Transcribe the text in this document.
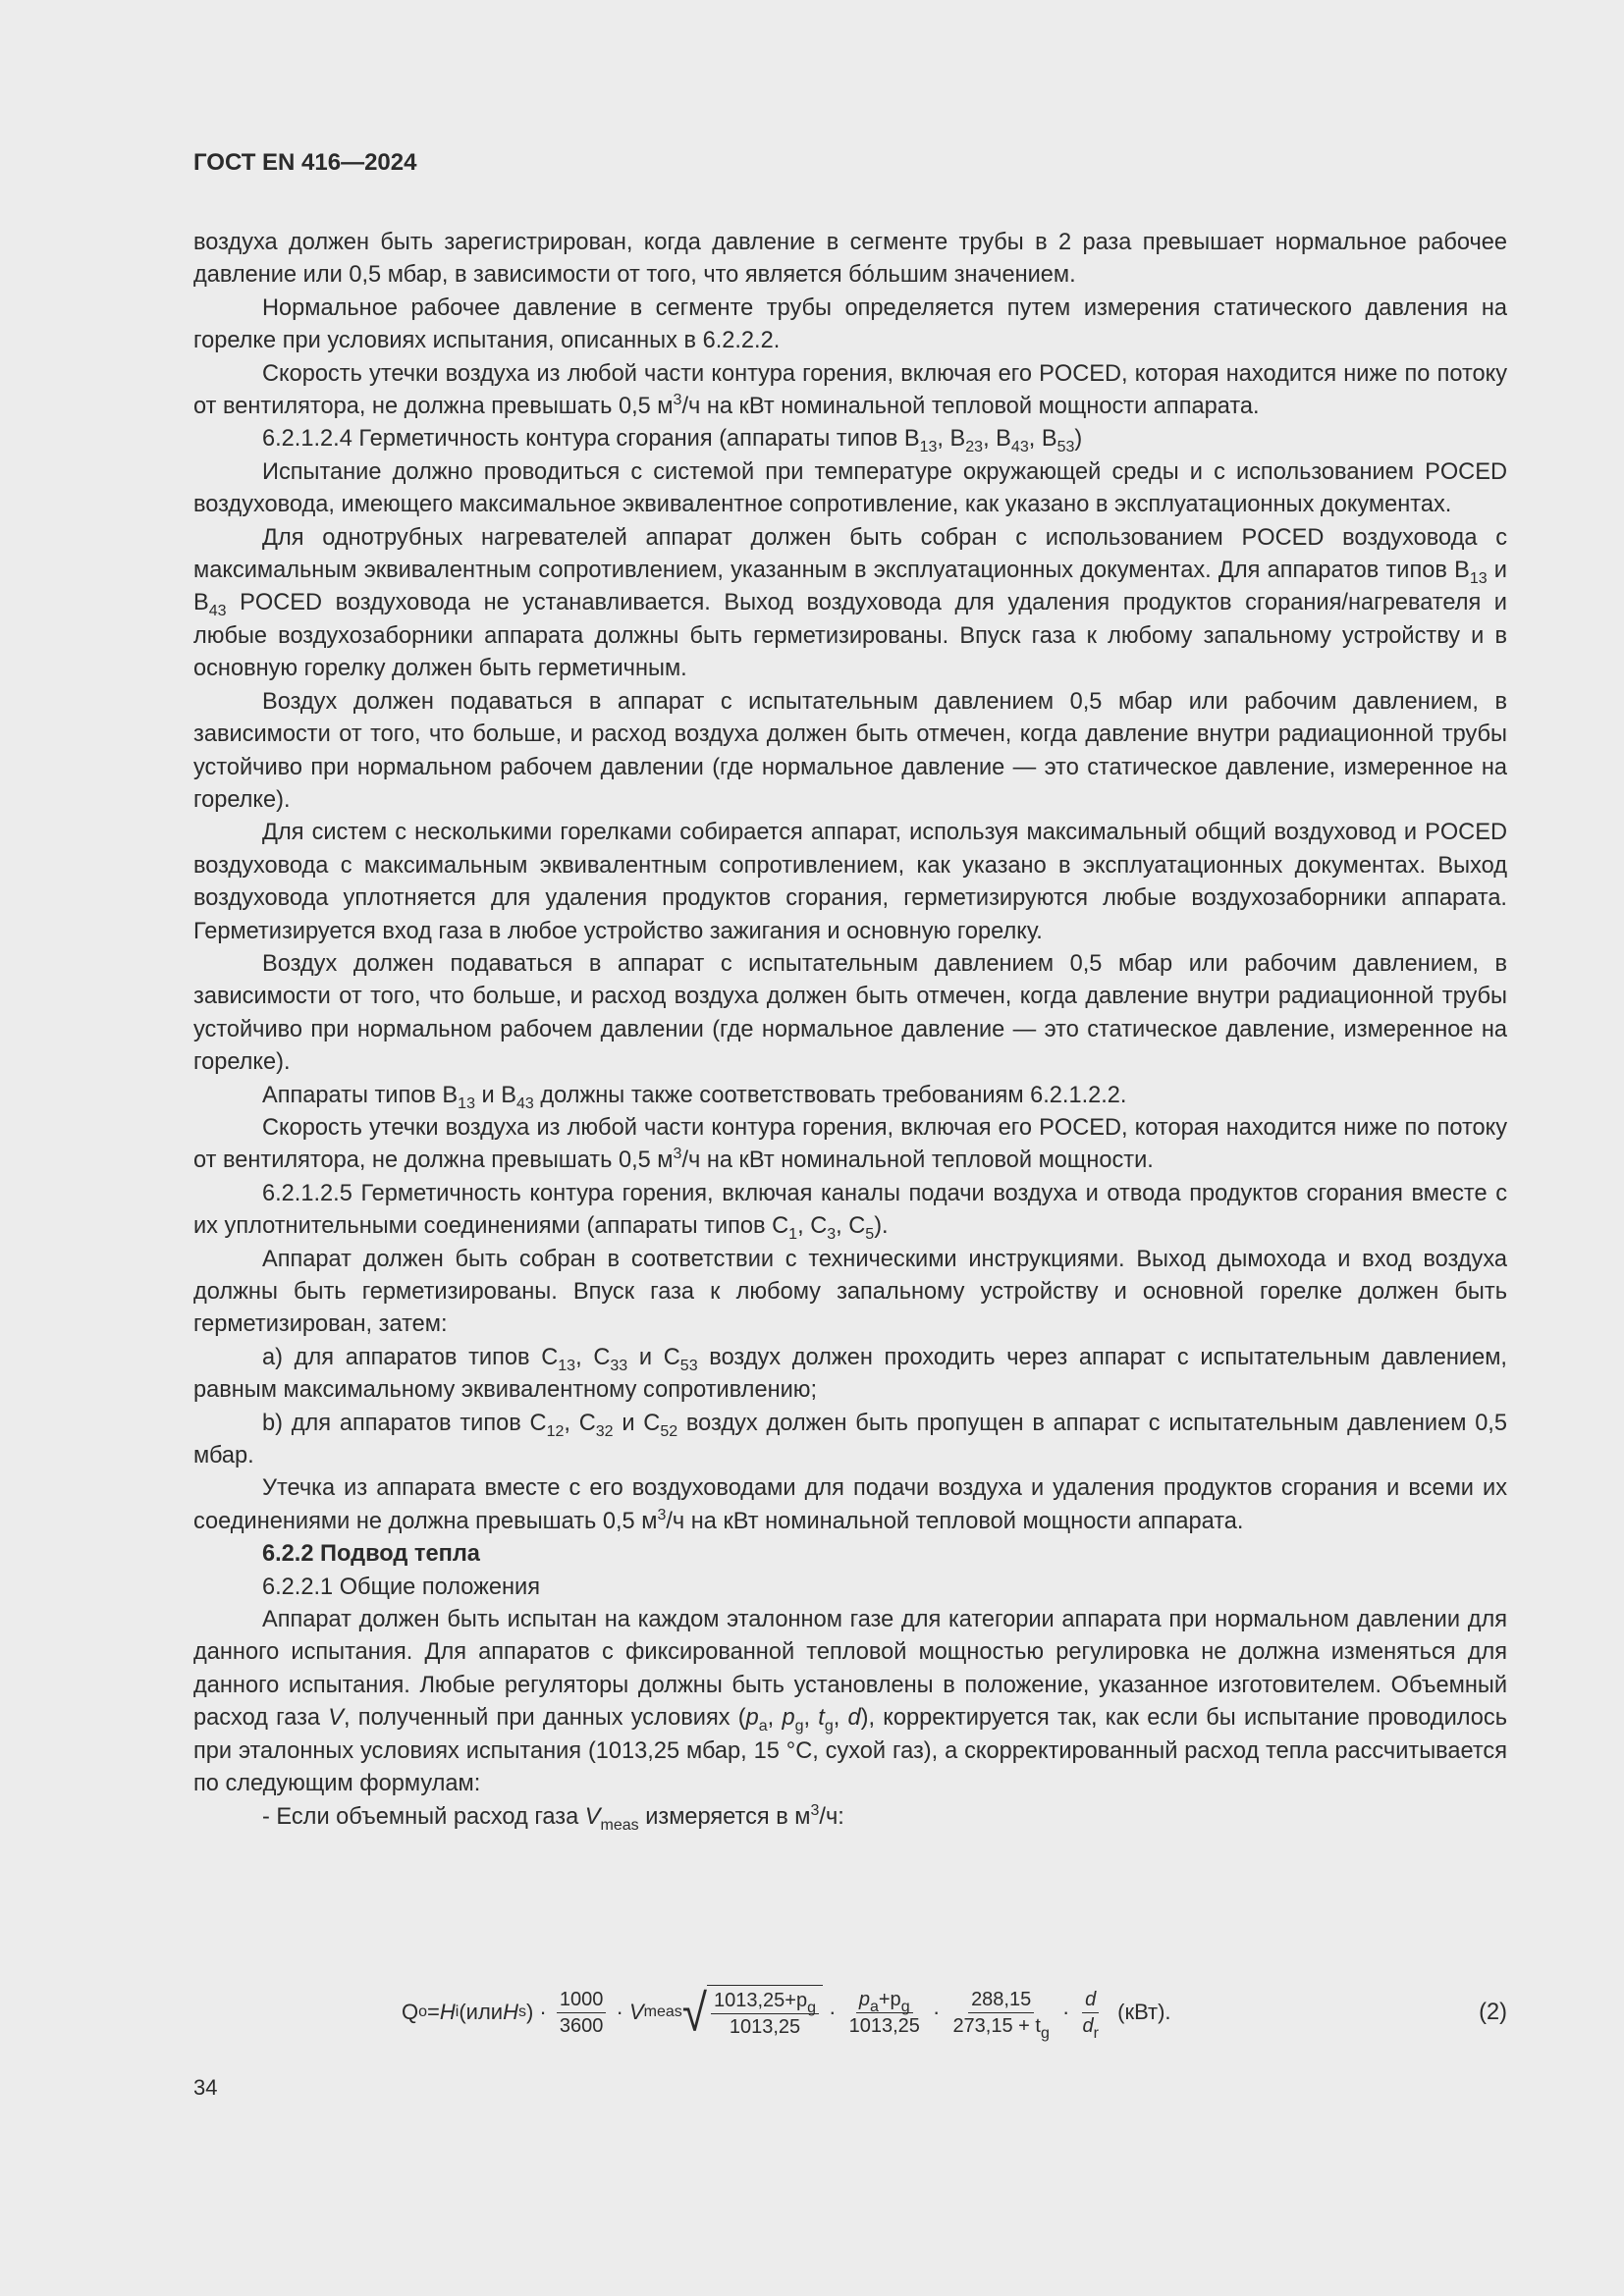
ГОСТ EN 416—2024

воздуха должен быть зарегистрирован, когда давление в сегменте трубы в 2 раза превышает нормальное рабочее давление или 0,5 мбар, в зависимости от того, что является бо́льшим значением.

Нормальное рабочее давление в сегменте трубы определяется путем измерения статического давления на горелке при условиях испытания, описанных в 6.2.2.2.

Скорость утечки воздуха из любой части контура горения, включая его POCED, которая находится ниже по потоку от вентилятора, не должна превышать 0,5 $м^3/ч$ на кВт номинальной тепловой мощности аппарата.

6.2.1.2.4 Герметичность контура сгорания (аппараты типов $B_{13}$, $B_{23}$, $B_{43}$, $B_{53}$)

Испытание должно проводиться с системой при температуре окружающей среды и с использованием POCED воздуховода, имеющего максимальное эквивалентное сопротивление, как указано в эксплуатационных документах.

Для однотрубных нагревателей аппарат должен быть собран с использованием POCED воздуховода с максимальным эквивалентным сопротивлением, указанным в эксплуатационных документах. Для аппаратов типов $B_{13}$ и $B_{43}$ POCED воздуховода не устанавливается. Выход воздуховода для удаления продуктов сгорания/нагревателя и любые воздухозаборники аппарата должны быть герметизированы. Впуск газа к любому запальному устройству и в основную горелку должен быть герметичным.

Воздух должен подаваться в аппарат с испытательным давлением 0,5 мбар или рабочим давлением, в зависимости от того, что больше, и расход воздуха должен быть отмечен, когда давление внутри радиационной трубы устойчиво при нормальном рабочем давлении (где нормальное давление — это статическое давление, измеренное на горелке).

Для систем с несколькими горелками собирается аппарат, используя максимальный общий воздуховод и POCED воздуховода с максимальным эквивалентным сопротивлением, как указано в эксплуатационных документах. Выход воздуховода уплотняется для удаления продуктов сгорания, герметизируются любые воздухозаборники аппарата. Герметизируется вход газа в любое устройство зажигания и основную горелку.

Воздух должен подаваться в аппарат с испытательным давлением 0,5 мбар или рабочим давлением, в зависимости от того, что больше, и расход воздуха должен быть отмечен, когда давление внутри радиационной трубы устойчиво при нормальном рабочем давлении (где нормальное давление — это статическое давление, измеренное на горелке).

Аппараты типов $B_{13}$ и $B_{43}$ должны также соответствовать требованиям 6.2.1.2.2.

Скорость утечки воздуха из любой части контура горения, включая его POCED, которая находится ниже по потоку от вентилятора, не должна превышать 0,5 $м^3/ч$ на кВт номинальной тепловой мощности.

6.2.1.2.5 Герметичность контура горения, включая каналы подачи воздуха и отвода продуктов сгорания вместе с их уплотнительными соединениями (аппараты типов $C_1$, $C_3$, $C_5$).

Аппарат должен быть собран в соответствии с техническими инструкциями. Выход дымохода и вход воздуха должны быть герметизированы. Впуск газа к любому запальному устройству и основной горелке должен быть герметизирован, затем:

a) для аппаратов типов $C_{13}$, $C_{33}$ и $C_{53}$ воздух должен проходить через аппарат с испытательным давлением, равным максимальному эквивалентному сопротивлению;

b) для аппаратов типов $C_{12}$, $C_{32}$ и $C_{52}$ воздух должен быть пропущен в аппарат с испытательным давлением 0,5 мбар.

Утечка из аппарата вместе с его воздуховодами для подачи воздуха и удаления продуктов сгорания и всеми их соединениями не должна превышать 0,5 $м^3/ч$ на кВт номинальной тепловой мощности аппарата.

6.2.2 Подвод тепла

6.2.2.1 Общие положения

Аппарат должен быть испытан на каждом эталонном газе для категории аппарата при нормальном давлении для данного испытания. Для аппаратов с фиксированной тепловой мощностью регулировка не должна изменяться для данного испытания. Любые регуляторы должны быть установлены в положение, указанное изготовителем. Объемный расход газа V, полученный при данных условиях ($p_a$, $p_g$, $t_g$, d), корректируется так, как если бы испытание проводилось при эталонных условиях испытания (1013,25 мбар, 15 °C, сухой газ), а скорректированный расход тепла рассчитывается по следующим формулам:

- Если объемный расход газа $V_{meas}$ измеряется в $м^3/ч$:

Q o = H i (или H s ) · $\frac{1000}{3600} \cdot V$ meas √ $\frac{1013,25+p_g}{1013,25} \cdot \frac{p_a+p_g}{1013,25} \cdot \frac{288,15}{273,15 + t_g} \cdot \frac{d}{d_r}$
(кВт).	(2)
34
